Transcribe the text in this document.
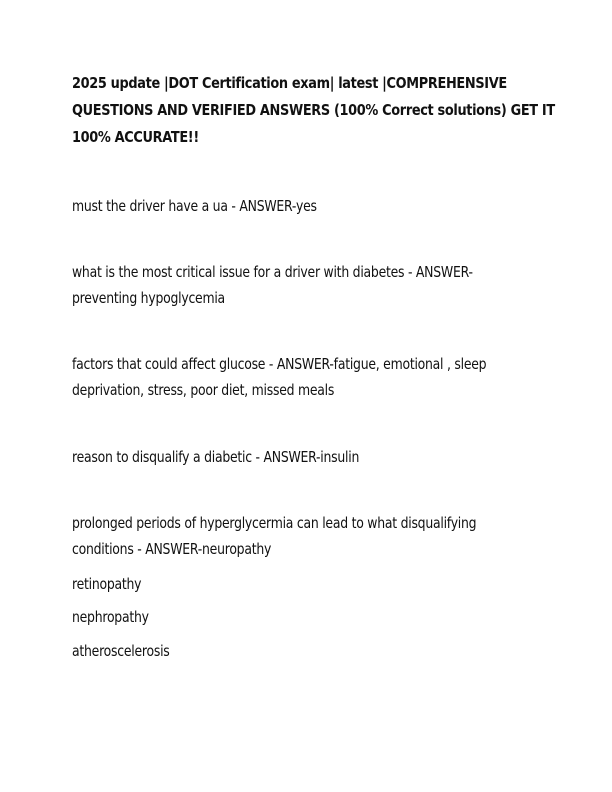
2025 update |DOT Certification exam| latest |COMPREHENSIVE
QUESTIONS AND VERIFIED ANSWERS (100% Correct solutions) GET IT
100% ACCURATE!!

must the driver have a ua - ANSWER-yes

what is the most critical issue for a driver with diabetes - ANSWER-
preventing hypoglycemia

factors that could affect glucose - ANSWER-fatigue, emotional , sleep
deprivation, stress, poor diet, missed meals

reason to disqualify a diabetic - ANSWER-insulin

prolonged periods of hyperglycermia can lead to what disqualifying
conditions - ANSWER-neuropathy

retinopathy

nephropathy

atheroscelerosis
